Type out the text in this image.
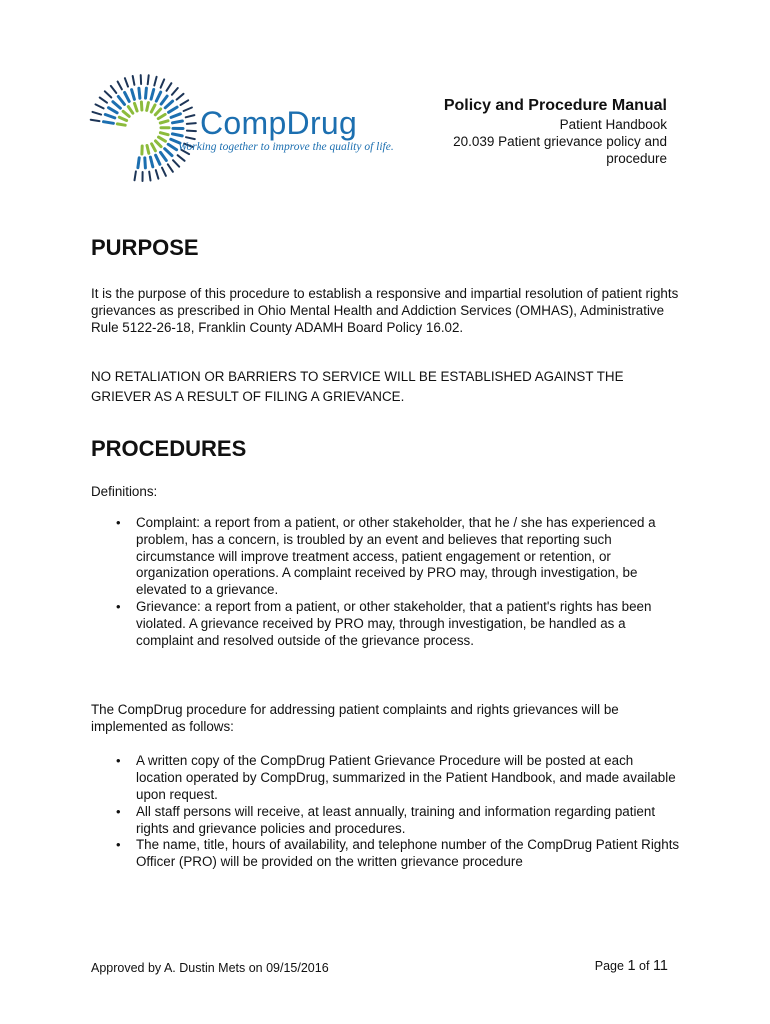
CompDrug
Working together to improve the quality of life.
Policy and Procedure Manual
Patient Handbook
20.039 Patient grievance policy and
procedure
PURPOSE

It is the purpose of this procedure to establish a responsive and impartial resolution of patient rights grievances as prescribed in Ohio Mental Health and Addiction Services (OMHAS), Administrative Rule 5122-26-18, Franklin County ADAMH Board Policy 16.02.

NO RETALIATION OR BARRIERS TO SERVICE WILL BE ESTABLISHED AGAINST THE GRIEVER AS A RESULT OF FILING A GRIEVANCE.

PROCEDURES

Definitions:

• Complaint: a report from a patient, or other stakeholder, that he / she has experienced a problem, has a concern, is troubled by an event and believes that reporting such circumstance will improve treatment access, patient engagement or retention, or organization operations. A complaint received by PRO may, through investigation, be elevated to a grievance.
• Grievance: a report from a patient, or other stakeholder, that a patient's rights has been violated. A grievance received by PRO may, through investigation, be handled as a complaint and resolved outside of the grievance process.

The CompDrug procedure for addressing patient complaints and rights grievances will be implemented as follows:

• A written copy of the CompDrug Patient Grievance Procedure will be posted at each location operated by CompDrug, summarized in the Patient Handbook, and made available upon request.
• All staff persons will receive, at least annually, training and information regarding patient rights and grievance policies and procedures.
• The name, title, hours of availability, and telephone number of the CompDrug Patient Rights Officer (PRO) will be provided on the written grievance procedure
Approved by A. Dustin Mets on 09/15/2016	Page 1 of 11
